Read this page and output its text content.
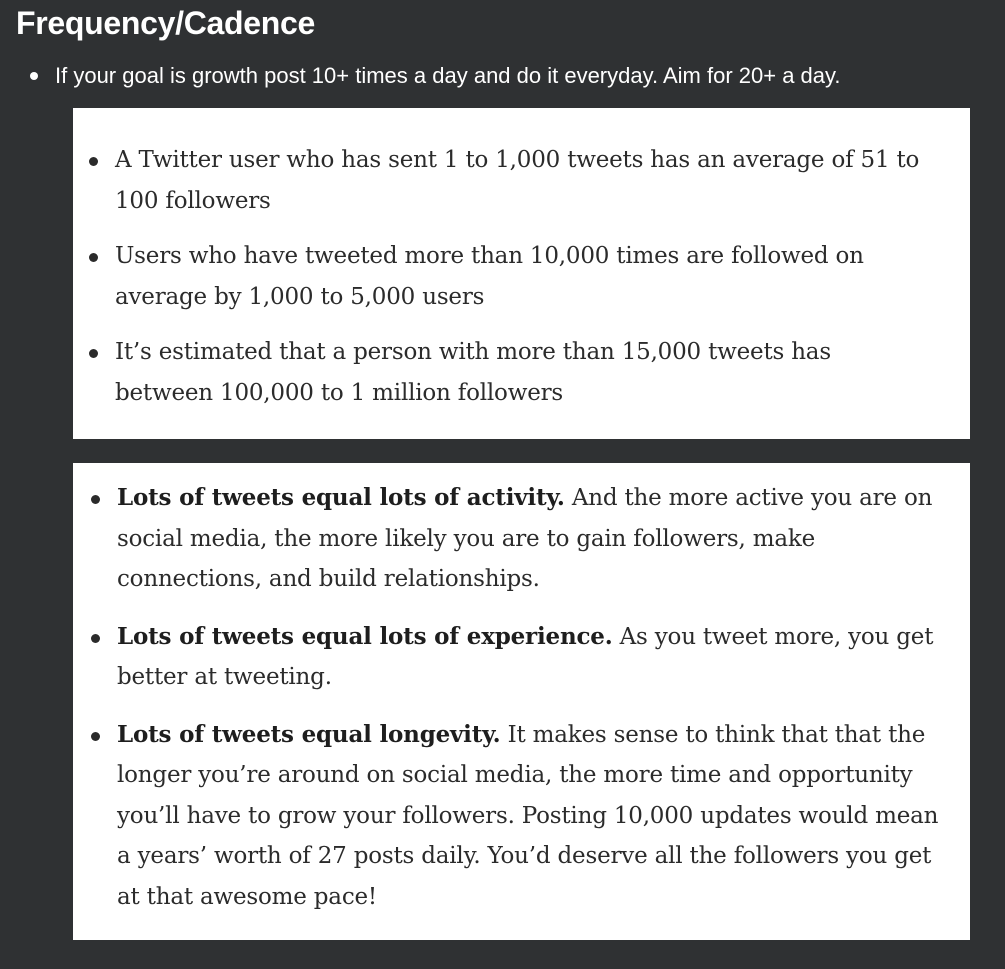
Frequency/Cadence
If your goal is growth post 10+ times a day and do it everyday. Aim for 20+ a day.
A Twitter user who has sent 1 to 1,000 tweets has an average of 51 to 100 followers
Users who have tweeted more than 10,000 times are followed on average by 1,000 to 5,000 users
It’s estimated that a person with more than 15,000 tweets has between 100,000 to 1 million followers
Lots of tweets equal lots of activity. And the more active you are on social media, the more likely you are to gain followers, make connections, and build relationships.
Lots of tweets equal lots of experience. As you tweet more, you get better at tweeting.
Lots of tweets equal longevity. It makes sense to think that that the longer you’re around on social media, the more time and opportunity you’ll have to grow your followers. Posting 10,000 updates would mean a years’ worth of 27 posts daily. You’d deserve all the followers you get at that awesome pace!
